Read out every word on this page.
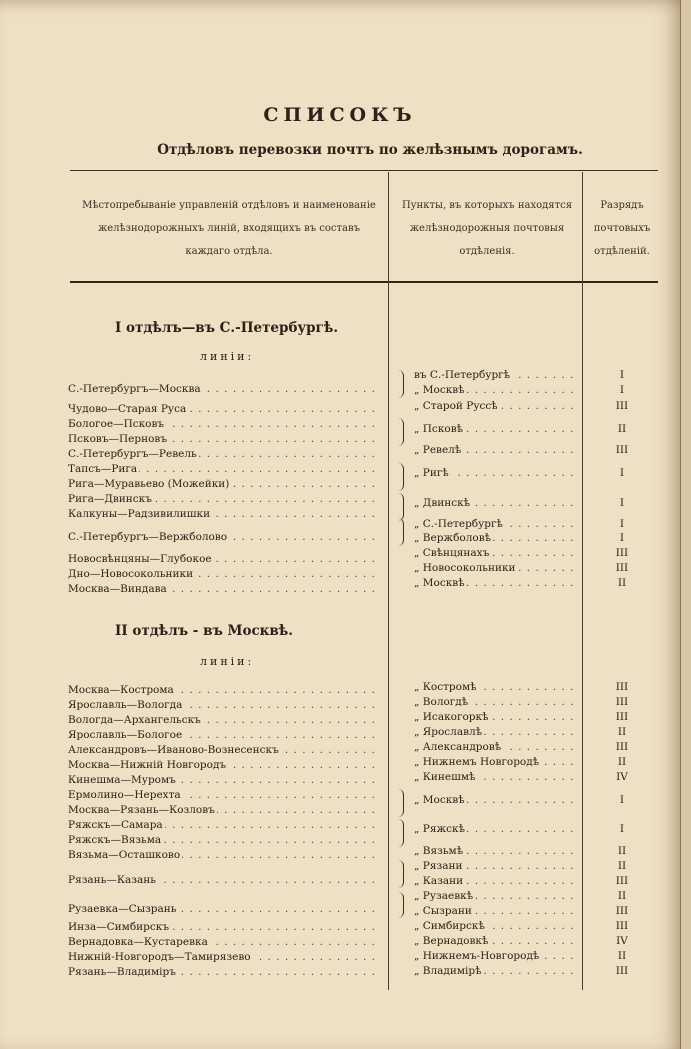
СПИСОКЪ
Отдѣловъ перевозки почтъ по желѣзнымъ дорогамъ.
Мѣстопребываніе управленій отдѣловъ и наименованіе желѣзнодорожныхъ линій, входящихъ въ составъ каждаго отдѣла.
Пункты, въ которыхъ находятся желѣзнодорожныя почтовыя отдѣленія.
Разрядъ почтовыхъ отдѣленій.
I отдѣлъ—въ С.-Петербургѣ.
линіи:
II отдѣлъ - въ Москвѣ.
линіи:
С.-Петербургъ—Москва . . .
Чудово—Старая Руса . . .
Бологое—Псковъ . . .
Псковъ—Перновъ . . .
С.-Петербургъ—Ревель . . .
Тапсъ—Рига . . .
Рига—Муравьево (Можейки) . . .
Рига—Двинскъ . . .
Калкуны—Радзивилишки . . .
С.-Петербургъ—Вержболово . . .
Новосвѣнцяны—Глубокое . . .
Дно—Новосокольники . . .
Москва—Виндава . . .
въ С.-Петербургѣ . . .
„ Москвѣ . . .
„ Старой Руссѣ . . .
„ Псковѣ . . .
„ Ревелѣ . . .
„ Ригѣ . . .
„ Двинскѣ . . .
„ С.-Петербургѣ . . .
„ Вержболовѣ . . .
„ Свѣнцянахъ . . .
„ Новосокольники . . .
„ Москвѣ . . .
I
I
III
II
III
I
I
I
I
III
III
II
Москва—Кострома . . .
Ярославль—Вологда . . .
Вологда—Архангельскъ . . .
Ярославль—Бологое . . .
Александровъ—Иваново-Вознесенскъ . . .
Москва—Нижній Новгородъ . . .
Кинешма—Муромъ . . .
Ермолино—Нерехта . . .
Москва—Рязань—Козловъ . . .
Ряжскъ—Самара . . .
Ряжскъ—Вязьма . . .
Вязьма—Осташково . . .
Рязань—Казань . . .
Рузаевка—Сызрань . . .
Инза—Симбирскъ . . .
Вернадовка—Кустаревка . . .
Нижній-Новгородъ—Тамирязево . . .
Рязань—Владиміръ . . .
„ Костромѣ . . .
„ Вологдѣ . . .
„ Исакогоркѣ . . .
„ Ярославлѣ . . .
„ Александровѣ . . .
„ Нижнемъ Новгородѣ . . .
„ Кинешмѣ . . .
„ Москвѣ . . .
„ Ряжскѣ . . .
„ Вязьмѣ . . .
„ Рязани . . .
„ Казани . . .
„ Рузаевкѣ . . .
„ Сызрани . . .
„ Симбирскѣ . . .
„ Вернадовкѣ . . .
„ Нижнемъ-Новгородѣ . . .
„ Владимірѣ . . .
III
III
III
II
III
II
IV
I
I
II
II
III
II
III
III
IV
II
III
